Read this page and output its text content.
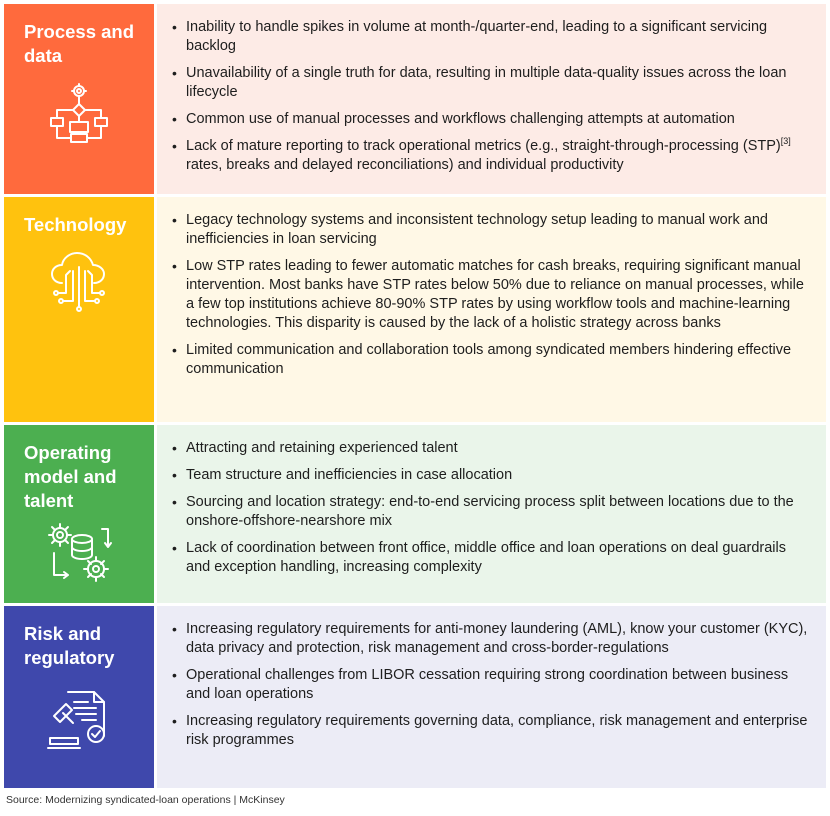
Process and data
• Inability to handle spikes in volume at month-/quarter-end, leading to a significant servicing backlog
• Unavailability of a single truth for data, resulting in multiple data-quality issues across the loan lifecycle
• Common use of manual processes and workflows challenging attempts at automation
• Lack of mature reporting to track operational metrics (e.g., straight-through-processing (STP)[3] rates, breaks and delayed reconciliations) and individual productivity
Technology
•	Legacy technology systems and inconsistent technology setup leading to manual work and inefficiencies in loan servicing
• Low STP rates leading to fewer automatic matches for cash breaks, requiring significant manual intervention. Most banks have STP rates below 50% due to reliance on manual processes, while a few top institutions achieve 80-90% STP rates by using workflow tools and machine-learning technologies. This disparity is caused by the lack of a holistic strategy across banks
• Limited communication and collaboration tools among syndicated members hindering effective communication
Operating model and talent
• Attracting and retaining experienced talent
• Team structure and inefficiencies in case allocation
• Sourcing and location strategy: end-to-end servicing process split between locations due to the onshore-offshore-nearshore mix
• Lack of coordination between front office, middle office and loan operations on deal guardrails and exception handling, increasing complexity
Risk and regulatory
• Increasing regulatory requirements for anti-money laundering (AML), know your customer (KYC), data privacy and protection, risk management and cross-border-regulations
• Operational challenges from LIBOR cessation requiring strong coordination between business and loan operations
• Increasing regulatory requirements governing data, compliance, risk management and enterprise risk programmes
Source: Modernizing syndicated-loan operations | McKinsey
